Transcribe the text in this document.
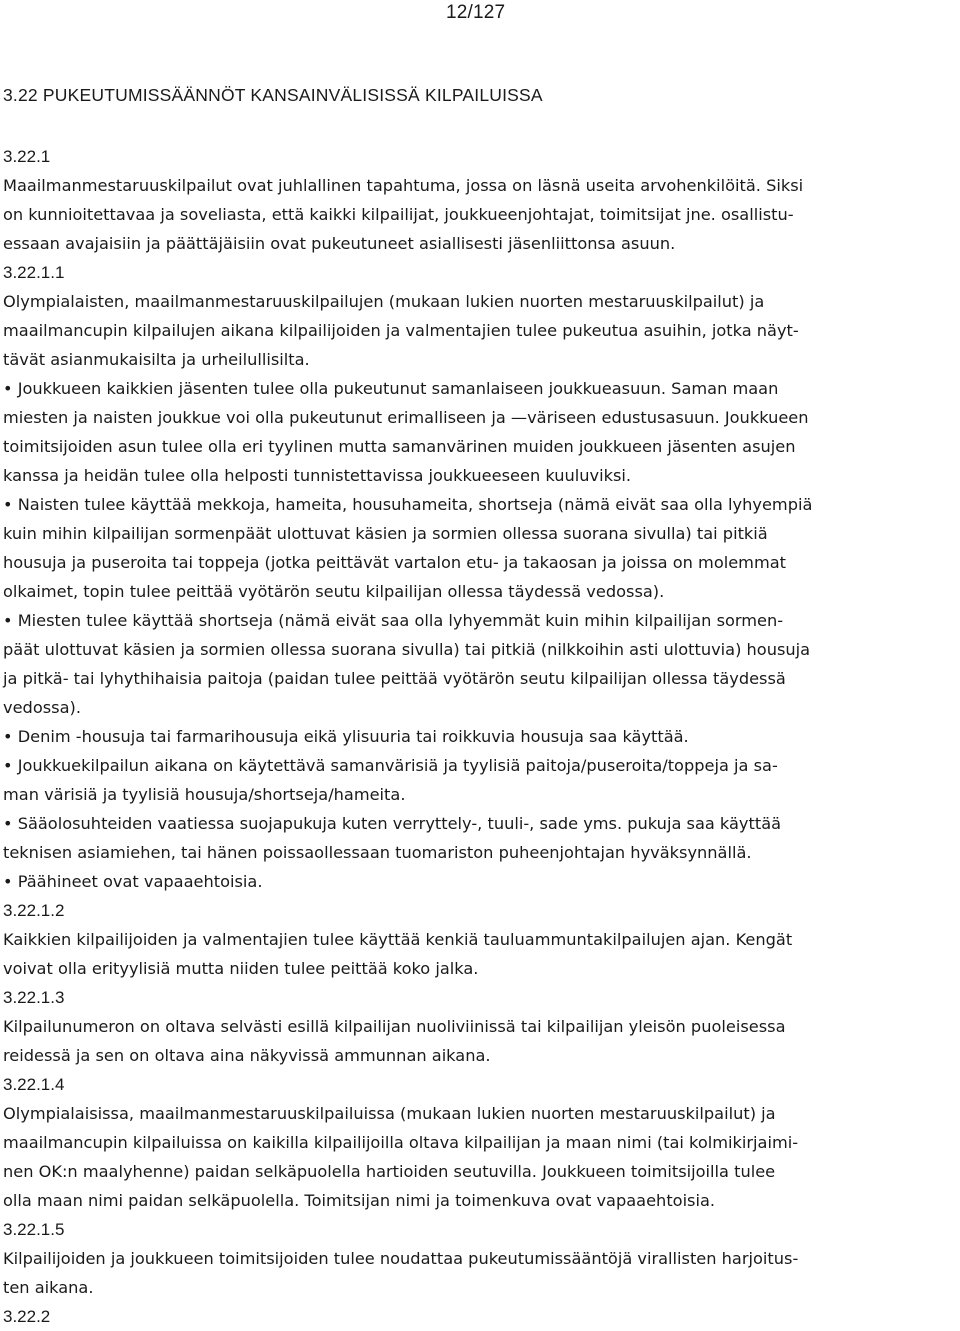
12/127
3.22 PUKEUTUMISSÄÄNNÖT KANSAINVÄLISISSÄ KILPAILUISSA

3.22.1

Maailmanmestaruuskilpailut ovat juhlallinen tapahtuma, jossa on läsnä useita arvohenkilöitä. Siksi
on kunnioitettavaa ja soveliasta, että kaikki kilpailijat, joukkueenjohtajat, toimitsijat jne. osallistu-
essaan avajaisiin ja päättäjäisiin ovat pukeutuneet asiallisesti jäsenliittonsa asuun.

3.22.1.1

Olympialaisten, maailmanmestaruuskilpailujen (mukaan lukien nuorten mestaruuskilpailut) ja
maailmancupin kilpailujen aikana kilpailijoiden ja valmentajien tulee pukeutua asuihin, jotka näyt-
tävät asianmukaisilta ja urheilullisilta.

• Joukkueen kaikkien jäsenten tulee olla pukeutunut samanlaiseen joukkueasuun. Saman maan
miesten ja naisten joukkue voi olla pukeutunut erimalliseen ja —väriseen edustusasuun. Joukkueen
toimitsijoiden asun tulee olla eri tyylinen mutta samanvärinen muiden joukkueen jäsenten asujen
kanssa ja heidän tulee olla helposti tunnistettavissa joukkueeseen kuuluviksi.

• Naisten tulee käyttää mekkoja, hameita, housuhameita, shortseja (nämä eivät saa olla lyhyempiä
kuin mihin kilpailijan sormenpäät ulottuvat käsien ja sormien ollessa suorana sivulla) tai pitkiä
housuja ja puseroita tai toppeja (jotka peittävät vartalon etu- ja takaosan ja joissa on molemmat
olkaimet, topin tulee peittää vyötärön seutu kilpailijan ollessa täydessä vedossa).

• Miesten tulee käyttää shortseja (nämä eivät saa olla lyhyemmät kuin mihin kilpailijan sormen-
päät ulottuvat käsien ja sormien ollessa suorana sivulla) tai pitkiä (nilkkoihin asti ulottuvia) housuja
ja pitkä- tai lyhythihaisia paitoja (paidan tulee peittää vyötärön seutu kilpailijan ollessa täydessä
vedossa).

• Denim -housuja tai farmarihousuja eikä ylisuuria tai roikkuvia housuja saa käyttää.

• Joukkuekilpailun aikana on käytettävä samanvärisiä ja tyylisiä paitoja/puseroita/toppeja ja sa-
man värisiä ja tyylisiä housuja/shortseja/hameita.

• Sääolosuhteiden vaatiessa suojapukuja kuten verryttely-, tuuli-, sade yms. pukuja saa käyttää
teknisen asiamiehen, tai hänen poissaollessaan tuomariston puheenjohtajan hyväksynnällä.

• Päähineet ovat vapaaehtoisia.

3.22.1.2

Kaikkien kilpailijoiden ja valmentajien tulee käyttää kenkiä tauluammuntakilpailujen ajan. Kengät
voivat olla erityylisiä mutta niiden tulee peittää koko jalka.

3.22.1.3

Kilpailunumeron on oltava selvästi esillä kilpailijan nuoliviinissä tai kilpailijan yleisön puoleisessa
reidessä ja sen on oltava aina näkyvissä ammunnan aikana.

3.22.1.4

Olympialaisissa, maailmanmestaruuskilpailuissa (mukaan lukien nuorten mestaruuskilpailut) ja
maailmancupin kilpailuissa on kaikilla kilpailijoilla oltava kilpailijan ja maan nimi (tai kolmikirjaimi-
nen OK:n maalyhenne) paidan selkäpuolella hartioiden seutuvilla. Joukkueen toimitsijoilla tulee
olla maan nimi paidan selkäpuolella. Toimitsijan nimi ja toimenkuva ovat vapaaehtoisia.

3.22.1.5

Kilpailijoiden ja joukkueen toimitsijoiden tulee noudattaa pukeutumissääntöjä virallisten harjoitus-
ten aikana.

3.22.2
